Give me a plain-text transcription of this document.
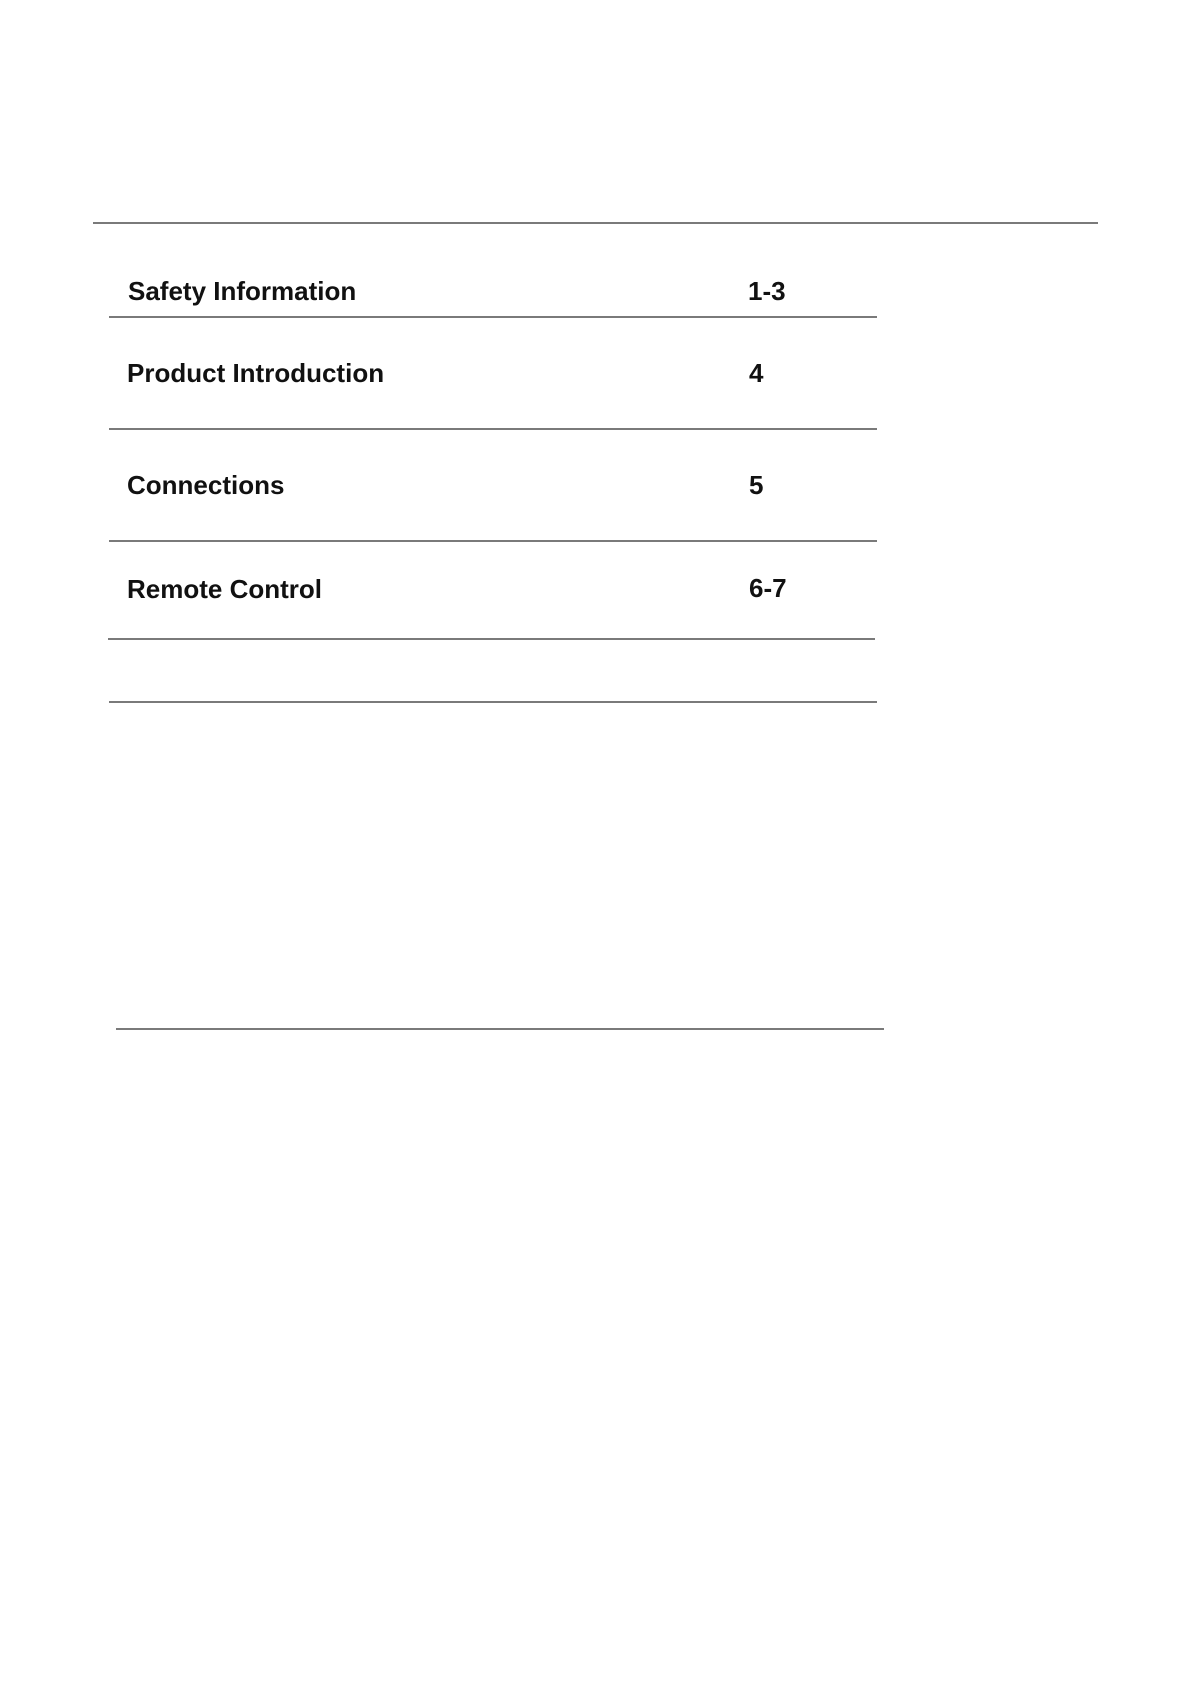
Safety Information	1-3
Product Introduction	4
Connections	5
Remote Control	6-7
